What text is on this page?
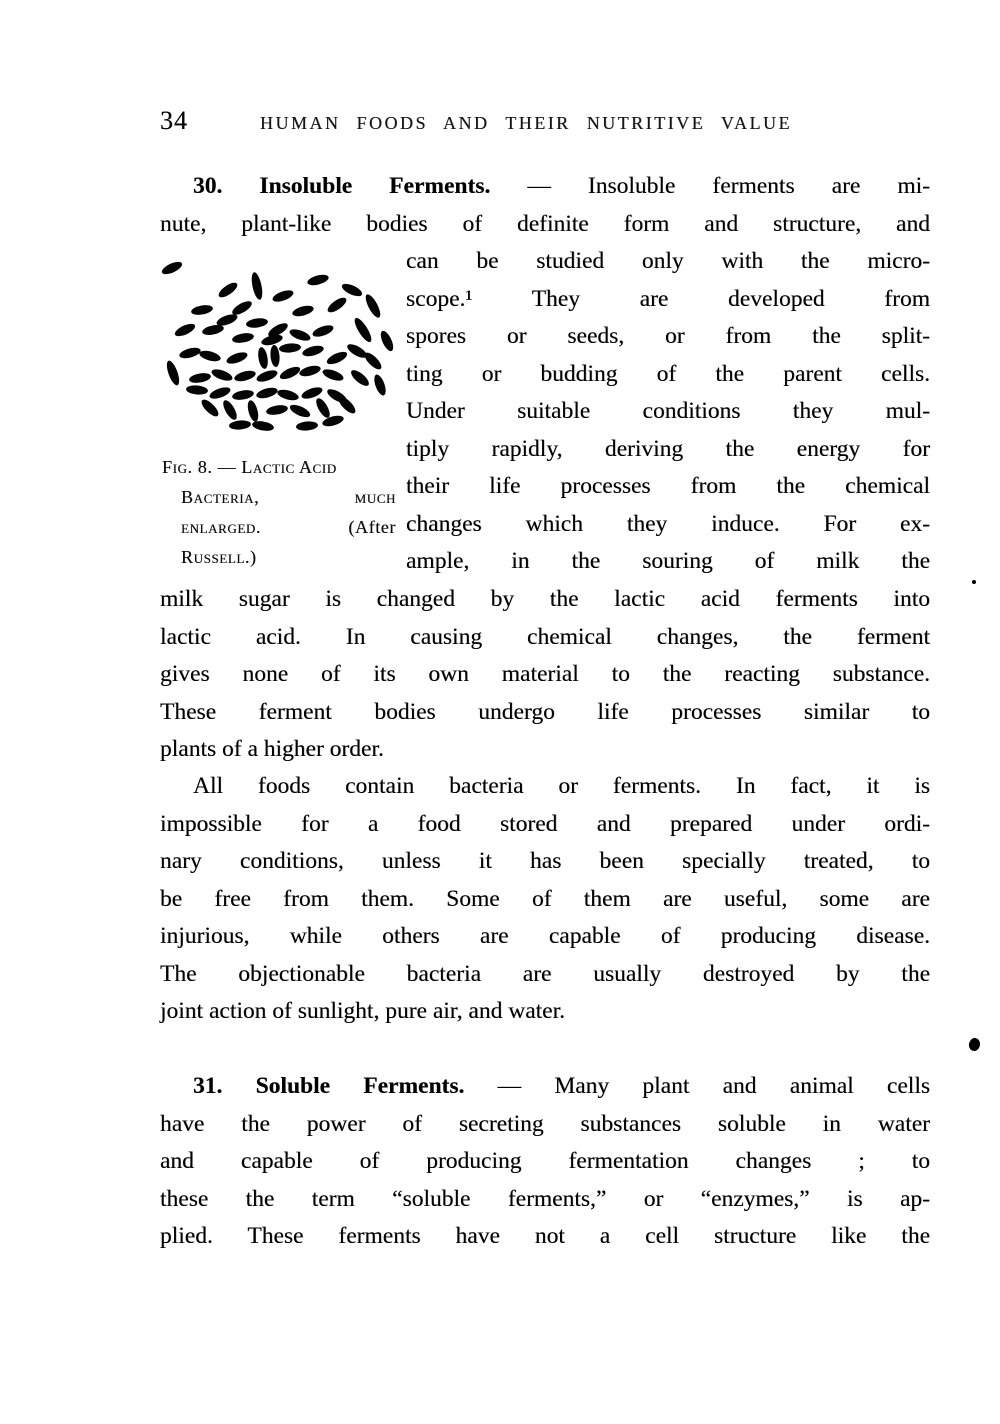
34	HUMAN FOODS AND THEIR NUTRITIVE VALUE
30. Insoluble Ferments. — Insoluble ferments are mi-
nute, plant-like bodies of definite form and structure, and
Fig. 8. — Lactic Acid
Bacteria,	much
enlarged.	(After
Russell.)
can be studied only with the micro-
scope.¹ They are developed from
spores or seeds, or from the split-
ting or budding of the parent cells.
Under suitable conditions they mul-
tiply rapidly, deriving the energy for
their life processes from the chemical
changes which they induce. For ex-
ample, in the souring of milk the
milk sugar is changed by the lactic acid ferments into
lactic acid. In causing chemical changes, the ferment
gives none of its own material to the reacting substance.
These ferment bodies undergo life processes similar to
plants of a higher order.
All foods contain bacteria or ferments. In fact, it is
impossible for a food stored and prepared under ordi-
nary conditions, unless it has been specially treated, to
be free from them. Some of them are useful, some are
injurious, while others are capable of producing disease.
The objectionable bacteria are usually destroyed by the
joint action of sunlight, pure air, and water.
31. Soluble Ferments. — Many plant and animal cells
have the power of secreting substances soluble in water
and capable of producing fermentation changes ; to
these the term “soluble ferments,” or “enzymes,” is ap-
plied. These ferments have not a cell structure like the
